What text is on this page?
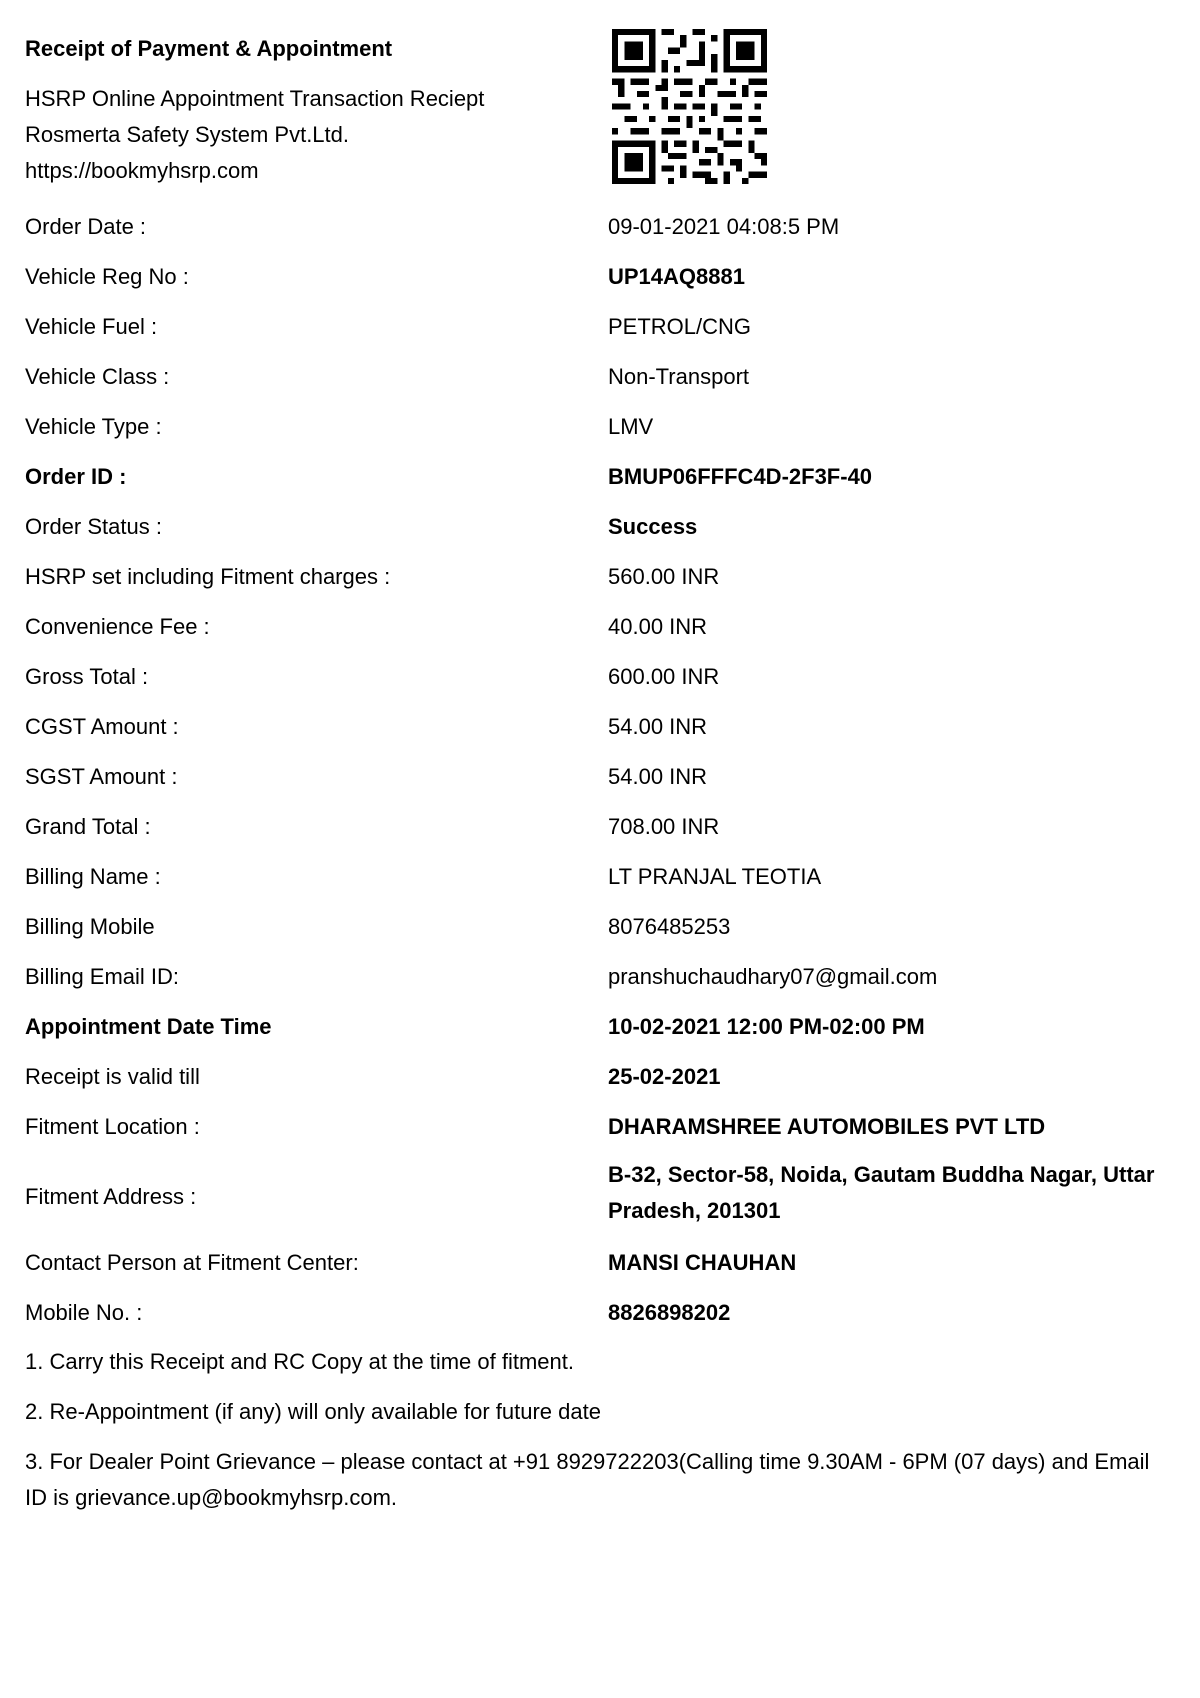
Receipt of Payment & Appointment
HSRP Online Appointment Transaction Reciept
Rosmerta Safety System Pvt.Ltd.
https://bookmyhsrp.com
Order Date :	09-01-2021 04:08:5 PM
Vehicle Reg No :	UP14AQ8881
Vehicle Fuel :	PETROL/CNG
Vehicle Class :	Non-Transport
Vehicle Type :	LMV
Order ID :	BMUP06FFFC4D-2F3F-40
Order Status :	Success
HSRP set including Fitment charges :	560.00 INR
Convenience Fee :	40.00 INR
Gross Total :	600.00 INR
CGST Amount :	54.00 INR
SGST Amount :	54.00 INR
Grand Total :	708.00 INR
Billing Name :	LT PRANJAL TEOTIA
Billing Mobile	8076485253
Billing Email ID:	pranshuchaudhary07@gmail.com
Appointment Date Time	10-02-2021 12:00 PM-02:00 PM
Receipt is valid till	25-02-2021
Fitment Location :	DHARAMSHREE AUTOMOBILES PVT LTD
Fitment Address :
B-32, Sector-58, Noida, Gautam Buddha Nagar, Uttar Pradesh, 201301
Contact Person at Fitment Center:	MANSI CHAUHAN
Mobile No. :	8826898202
1. Carry this Receipt and RC Copy at the time of fitment.
2. Re-Appointment (if any) will only available for future date
3. For Dealer Point Grievance – please contact at +91 8929722203(Calling time 9.30AM - 6PM (07 days) and Email ID is grievance.up@bookmyhsrp.com.
